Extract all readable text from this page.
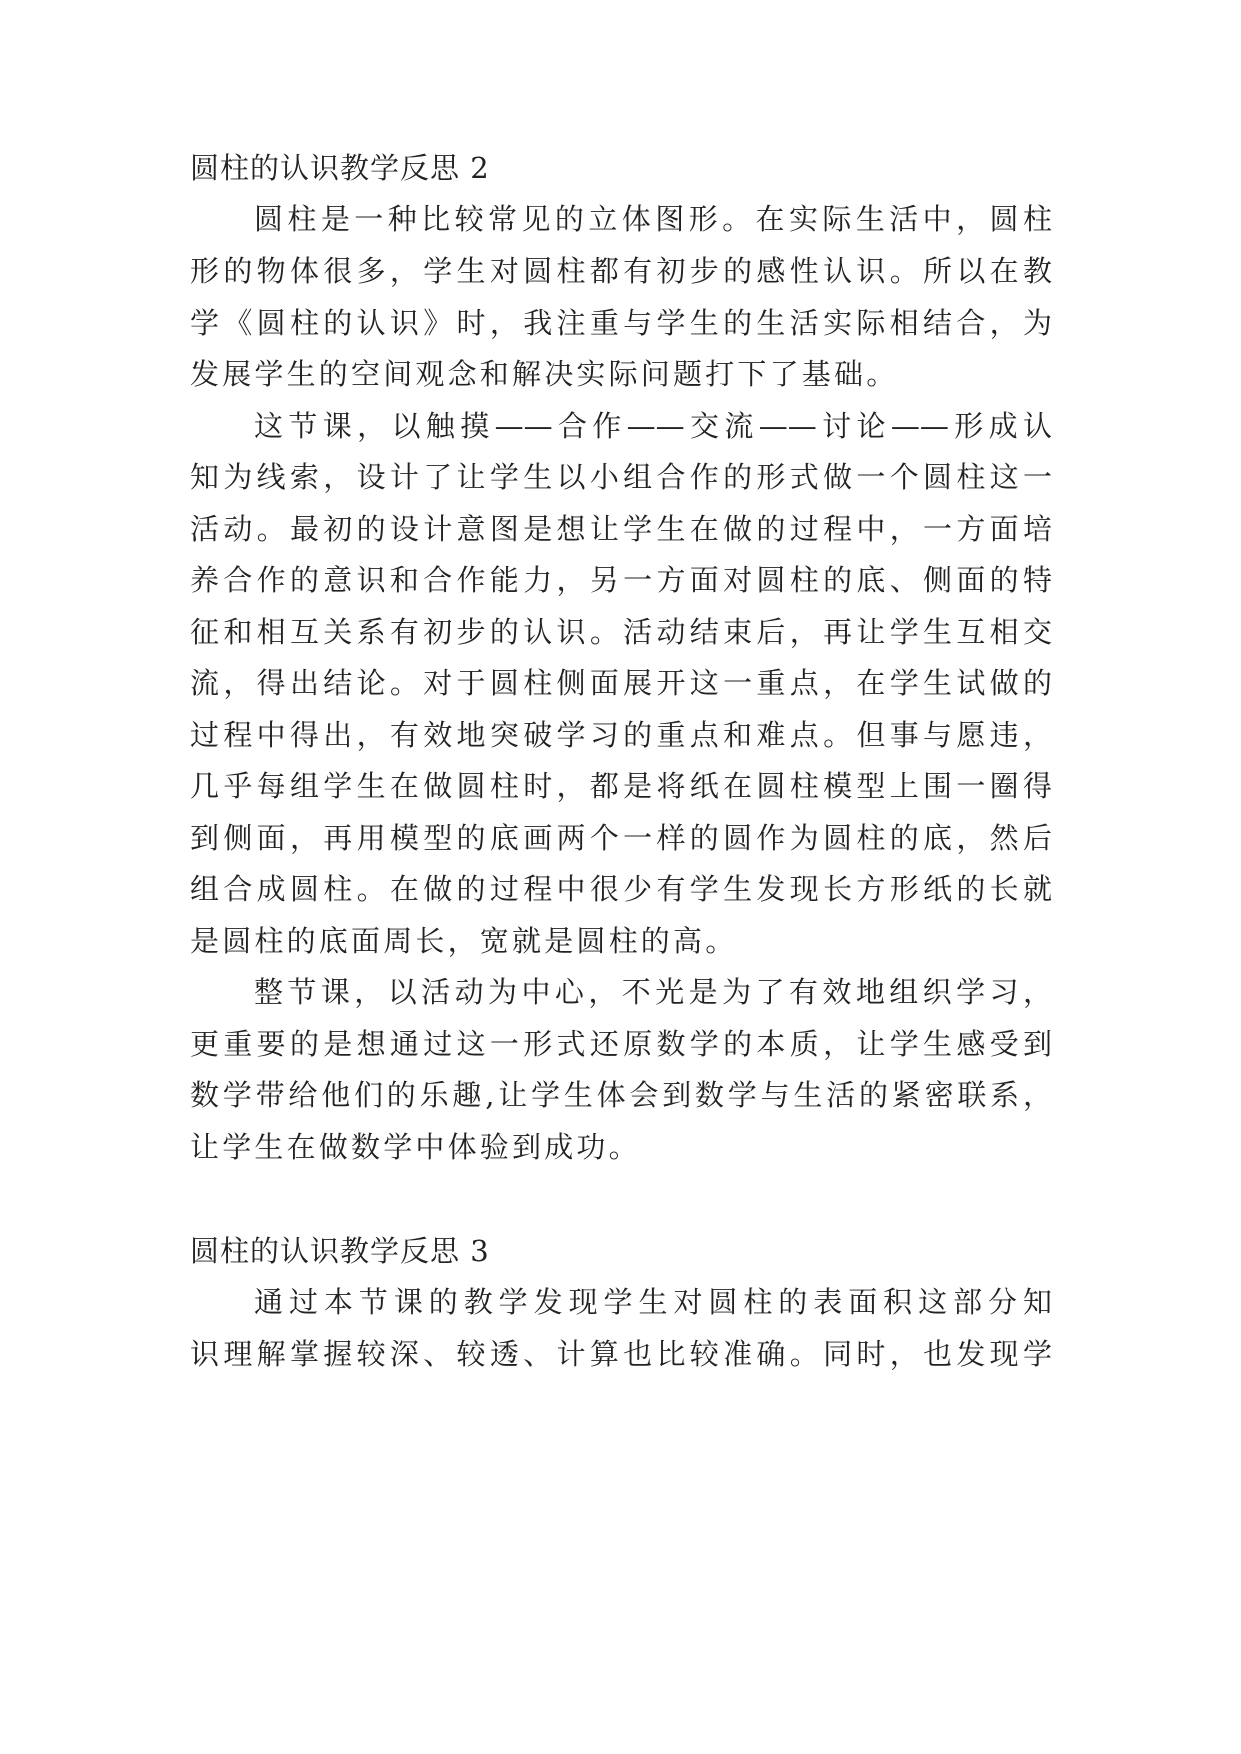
圆柱的认识教学反思 2

圆柱是一种比较常见的立体图形。在实际生活中，圆柱

形的物体很多，学生对圆柱都有初步的感性认识。所以在教

学《圆柱的认识》时，我注重与学生的生活实际相结合，为

发展学生的空间观念和解决实际问题打下了基础。

这节课，以触摸——合作——交流——讨论——形成认

知为线索，设计了让学生以小组合作的形式做一个圆柱这一

活动。最初的设计意图是想让学生在做的过程中，一方面培

养合作的意识和合作能力，另一方面对圆柱的底、侧面的特

征和相互关系有初步的认识。活动结束后，再让学生互相交

流，得出结论。对于圆柱侧面展开这一重点，在学生试做的

过程中得出，有效地突破学习的重点和难点。但事与愿违，

几乎每组学生在做圆柱时，都是将纸在圆柱模型上围一圈得

到侧面，再用模型的底画两个一样的圆作为圆柱的底，然后

组合成圆柱。在做的过程中很少有学生发现长方形纸的长就

是圆柱的底面周长，宽就是圆柱的高。

整节课，以活动为中心，不光是为了有效地组织学习，

更重要的是想通过这一形式还原数学的本质，让学生感受到

数学带给他们的乐趣,让学生体会到数学与生活的紧密联系，

让学生在做数学中体验到成功。

圆柱的认识教学反思 3

通过本节课的教学发现学生对圆柱的表面积这部分知

识理解掌握较深、较透、计算也比较准确。同时，也发现学
